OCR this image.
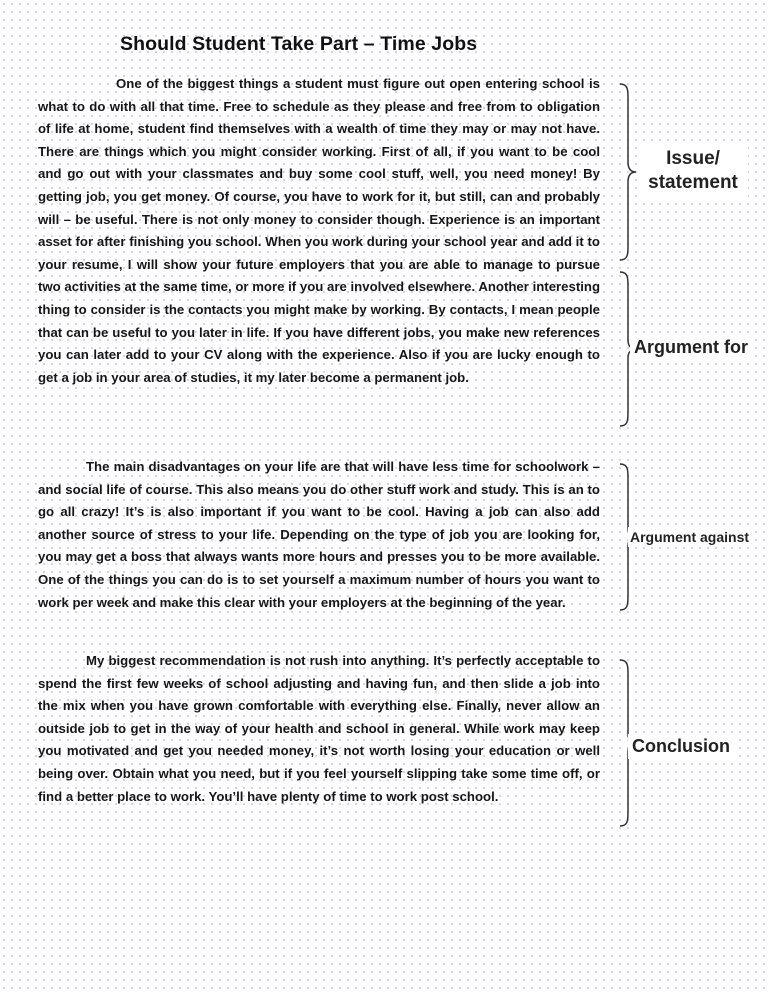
Should Student Take Part – Time Jobs
One of the biggest things a student must figure out open entering school is what to do with all that time. Free to schedule as they please and free from to obligation of life at home, student find themselves with a wealth of time they may or may not have. There are things which you might consider working. First of all, if you want to be cool and go out with your classmates and buy some cool stuff, well, you need money! By getting job, you get money. Of course, you have to work for it, but still, can and probably will – be useful. There is not only money to consider though. Experience is an important asset for after finishing you school. When you work during your school year and add it to your resume, I will show your future employers that you are able to manage to pursue two activities at the same time, or more if you are involved elsewhere. Another interesting thing to consider is the contacts you might make by working. By contacts, I mean people that can be useful to you later in life. If you have different jobs, you make new references you can later add to your CV along with the experience. Also if you are lucky enough to get a job in your area of studies, it my later become a permanent job.
The main disadvantages on your life are that will have less time for schoolwork – and social life of course. This also means you do other stuff work and study. This is an to go all crazy! It’s is also important if you want to be cool. Having a job can also add another source of stress to your life. Depending on the type of job you are looking for, you may get a boss that always wants more hours and presses you to be more available. One of the things you can do is to set yourself a maximum number of hours you want to work per week and make this clear with your employers at the beginning of the year.
My biggest recommendation is not rush into anything. It’s perfectly acceptable to spend the first few weeks of school adjusting and having fun, and then slide a job into the mix when you have grown comfortable with everything else. Finally, never allow an outside job to get in the way of your health and school in general. While work may keep you motivated and get you needed money, it’s not worth losing your education or well being over. Obtain what you need, but if you feel yourself slipping take some time off, or find a better place to work. You’ll have plenty of time to work post school.
Issue/
statement
Argument for
Argument against
Conclusion
